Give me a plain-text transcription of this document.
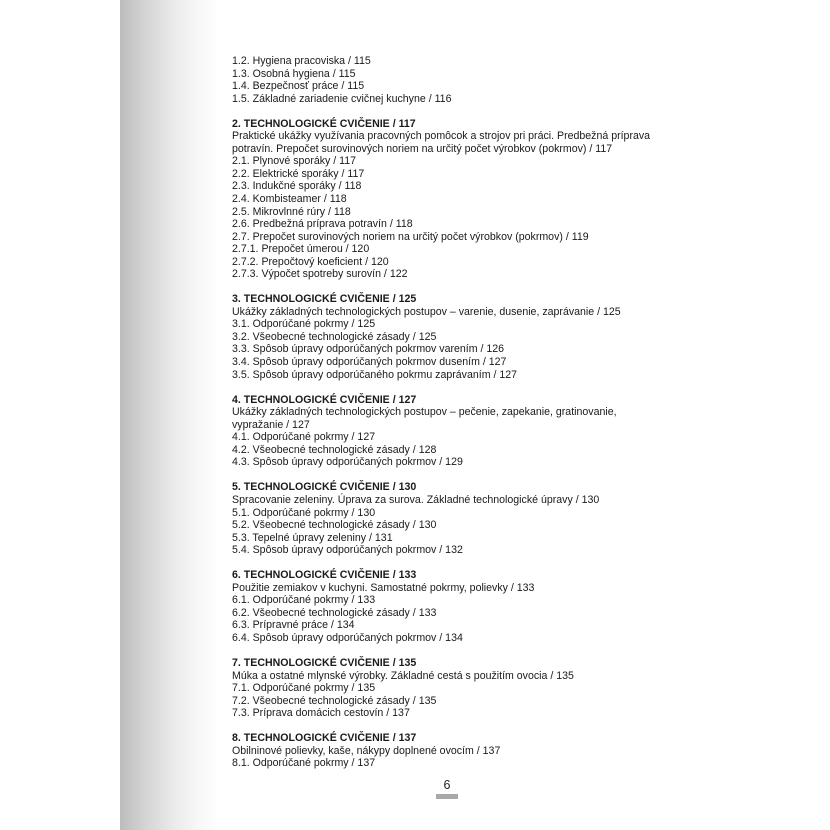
1.2. Hygiena pracoviska / 115
1.3. Osobná hygiena / 115
1.4. Bezpečnosť práce / 115
1.5. Základné zariadenie cvičnej kuchyne / 116
2. TECHNOLOGICKÉ CVIČENIE / 117
Praktické ukážky využívania pracovných pomôcok a strojov pri práci. Predbežná príprava potravín. Prepočet surovinových noriem na určitý počet výrobkov (pokrmov) / 117
2.1. Plynové sporáky / 117
2.2. Elektrické sporáky / 117
2.3. Indukčné sporáky / 118
2.4. Kombisteamer / 118
2.5. Mikrovlnné rúry / 118
2.6. Predbežná príprava potravín / 118
2.7. Prepočet surovinových noriem na určitý počet výrobkov (pokrmov) / 119
2.7.1. Prepočet úmerou / 120
2.7.2. Prepočtový koeficient / 120
2.7.3. Výpočet spotreby surovín / 122
3. TECHNOLOGICKÉ CVIČENIE / 125
Ukážky základných technologických postupov – varenie, dusenie, zaprávanie / 125
3.1. Odporúčané pokrmy / 125
3.2. Všeobecné technologické zásady / 125
3.3. Spôsob úpravy odporúčaných pokrmov varením / 126
3.4. Spôsob úpravy odporúčaných pokrmov dusením / 127
3.5. Spôsob úpravy odporúčaného pokrmu zaprávaním / 127
4. TECHNOLOGICKÉ CVIČENIE / 127
Ukážky základných technologických postupov – pečenie, zapekanie, gratinovanie, vypražanie / 127
4.1. Odporúčané pokrmy / 127
4.2. Všeobecné technologické zásady / 128
4.3. Spôsob úpravy odporúčaných pokrmov / 129
5. TECHNOLOGICKÉ CVIČENIE / 130
Spracovanie zeleniny. Úprava za surova. Základné technologické úpravy / 130
5.1. Odporúčané pokrmy / 130
5.2. Všeobecné technologické zásady / 130
5.3. Tepelné úpravy zeleniny / 131
5.4. Spôsob úpravy odporúčaných pokrmov / 132
6. TECHNOLOGICKÉ CVIČENIE / 133
Použitie zemiakov v kuchyni. Samostatné pokrmy, polievky / 133
6.1. Odporúčané pokrmy / 133
6.2. Všeobecné technologické zásady / 133
6.3. Prípravné práce / 134
6.4. Spôsob úpravy odporúčaných pokrmov / 134
7. TECHNOLOGICKÉ CVIČENIE / 135
Múka a ostatné mlynské výrobky. Základné cestá s použitím ovocia / 135
7.1. Odporúčané pokrmy / 135
7.2. Všeobecné technologické zásady / 135
7.3. Príprava domácich cestovín / 137
8. TECHNOLOGICKÉ CVIČENIE / 137
Obilninové polievky, kaše, nákypy doplnené ovocím / 137
8.1. Odporúčané pokrmy / 137
6
